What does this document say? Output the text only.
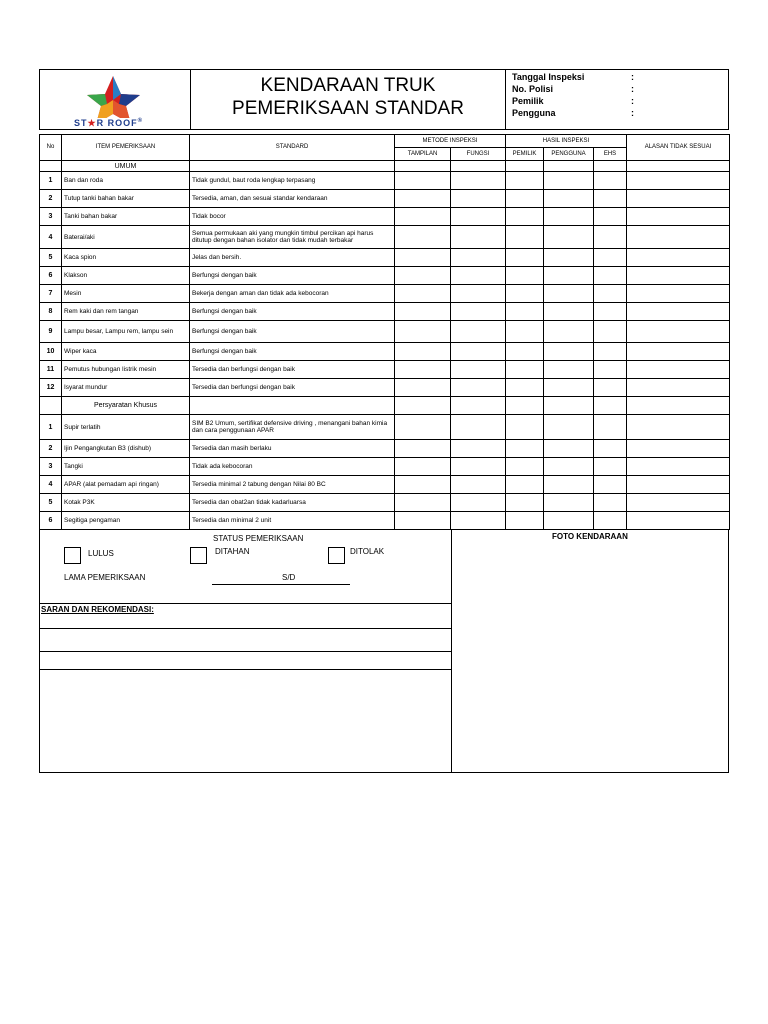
ST★R ROOF®
KENDARAAN TRUK
PEMERIKSAAN STANDAR
Tanggal Inspeksi	:
No. Polisi	:
Pemilik	:
Pengguna	:
No	ITEM PEMERIKSAAN	STANDARD	METODE INSPEKSI		HASIL INSPEKSI			ALASAN TIDAK SESUAI
			TAMPILAN	FUNGSI	PEMILIK	PENGGUNA	EHS	
	UMUM							
1	Ban dan roda	Tidak gundul, baut roda lengkap terpasang						
2	Tutup tanki bahan bakar	Tersedia, aman, dan sesuai standar kendaraan						
3	Tanki bahan bakar	Tidak bocor						
4	Baterai/aki	Semua permukaan aki yang mungkin timbul percikan api harus ditutup dengan bahan isolator dan tidak mudah terbakar						
5	Kaca spion	Jelas dan bersih.						
6	Klakson	Berfungsi dengan baik						
7	Mesin	Bekerja dengan aman dan tidak ada kebocoran						
8	Rem kaki dan rem tangan	Berfungsi dengan baik						
9	Lampu besar, Lampu rem, lampu sein	Berfungsi dengan baik						
10	Wiper kaca	Berfungsi dengan baik						
11	Pemutus hubungan listrik mesin	Tersedia dan berfungsi dengan baik						
12	Isyarat mundur	Tersedia dan berfungsi dengan baik						
	Persyaratan Khusus							
1	Supir terlatih	SIM B2 Umum, sertifikat defensive driving , menangani bahan kimia dan cara penggunaan APAR						
2	Ijin Pengangkutan B3 (dishub)	Tersedia dan masih berlaku						
3	Tangki	Tidak ada kebocoran						
4	APAR (alat pemadam api ringan)	Tersedia minimal 2 tabung dengan Nilai 80 BC						
5	Kotak P3K	Tersedia dan obat2an tidak kadarluarsa						
6	Segitiga pengaman	Tersedia dan minimal 2 unit						
STATUS PEMERIKSAAN
LULUS	DITAHAN	DITOLAK
LAMA PEMERIKSAAN	S/D
SARAN DAN REKOMENDASI:
FOTO KENDARAAN
